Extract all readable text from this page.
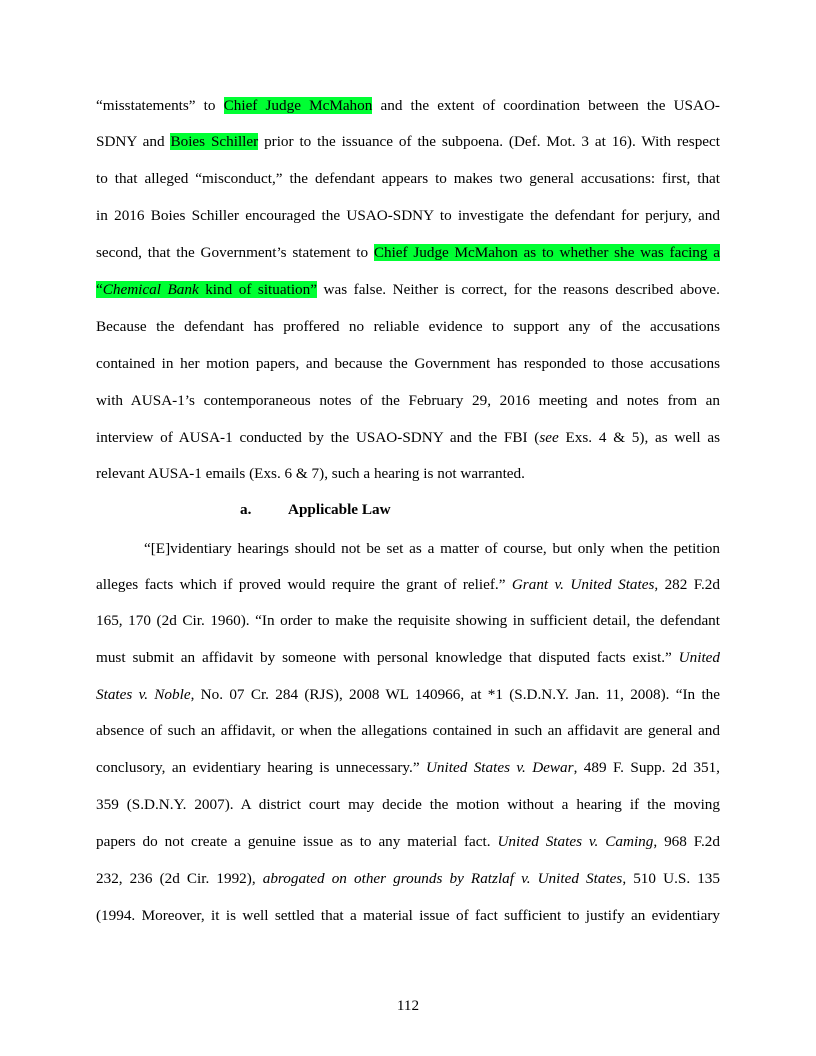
“misstatements” to Chief Judge McMahon and the extent of coordination between the USAO-
SDNY and Boies Schiller prior to the issuance of the subpoena. (Def. Mot. 3 at 16). With respect
to that alleged “misconduct,” the defendant appears to makes two general accusations: first, that
in 2016 Boies Schiller encouraged the USAO-SDNY to investigate the defendant for perjury, and
second, that the Government’s statement to Chief Judge McMahon as to whether she was facing a
“Chemical Bank kind of situation” was false. Neither is correct, for the reasons described above.
Because the defendant has proffered no reliable evidence to support any of the accusations
contained in her motion papers, and because the Government has responded to those accusations
with AUSA-1’s contemporaneous notes of the February 29, 2016 meeting and notes from an
interview of AUSA-1 conducted by the USAO-SDNY and the FBI (see Exs. 4 & 5), as well as
relevant AUSA-1 emails (Exs. 6 & 7), such a hearing is not warranted.
a. Applicable Law
“[E]videntiary hearings should not be set as a matter of course, but only when the petition
alleges facts which if proved would require the grant of relief.” Grant v. United States, 282 F.2d
165, 170 (2d Cir. 1960). “In order to make the requisite showing in sufficient detail, the defendant
must submit an affidavit by someone with personal knowledge that disputed facts exist.” United
States v. Noble, No. 07 Cr. 284 (RJS), 2008 WL 140966, at *1 (S.D.N.Y. Jan. 11, 2008). “In the
absence of such an affidavit, or when the allegations contained in such an affidavit are general and
conclusory, an evidentiary hearing is unnecessary.” United States v. Dewar, 489 F. Supp. 2d 351,
359 (S.D.N.Y. 2007). A district court may decide the motion without a hearing if the moving
papers do not create a genuine issue as to any material fact. United States v. Caming, 968 F.2d
232, 236 (2d Cir. 1992), abrogated on other grounds by Ratzlaf v. United States, 510 U.S. 135
(1994. Moreover, it is well settled that a material issue of fact sufficient to justify an evidentiary
112
